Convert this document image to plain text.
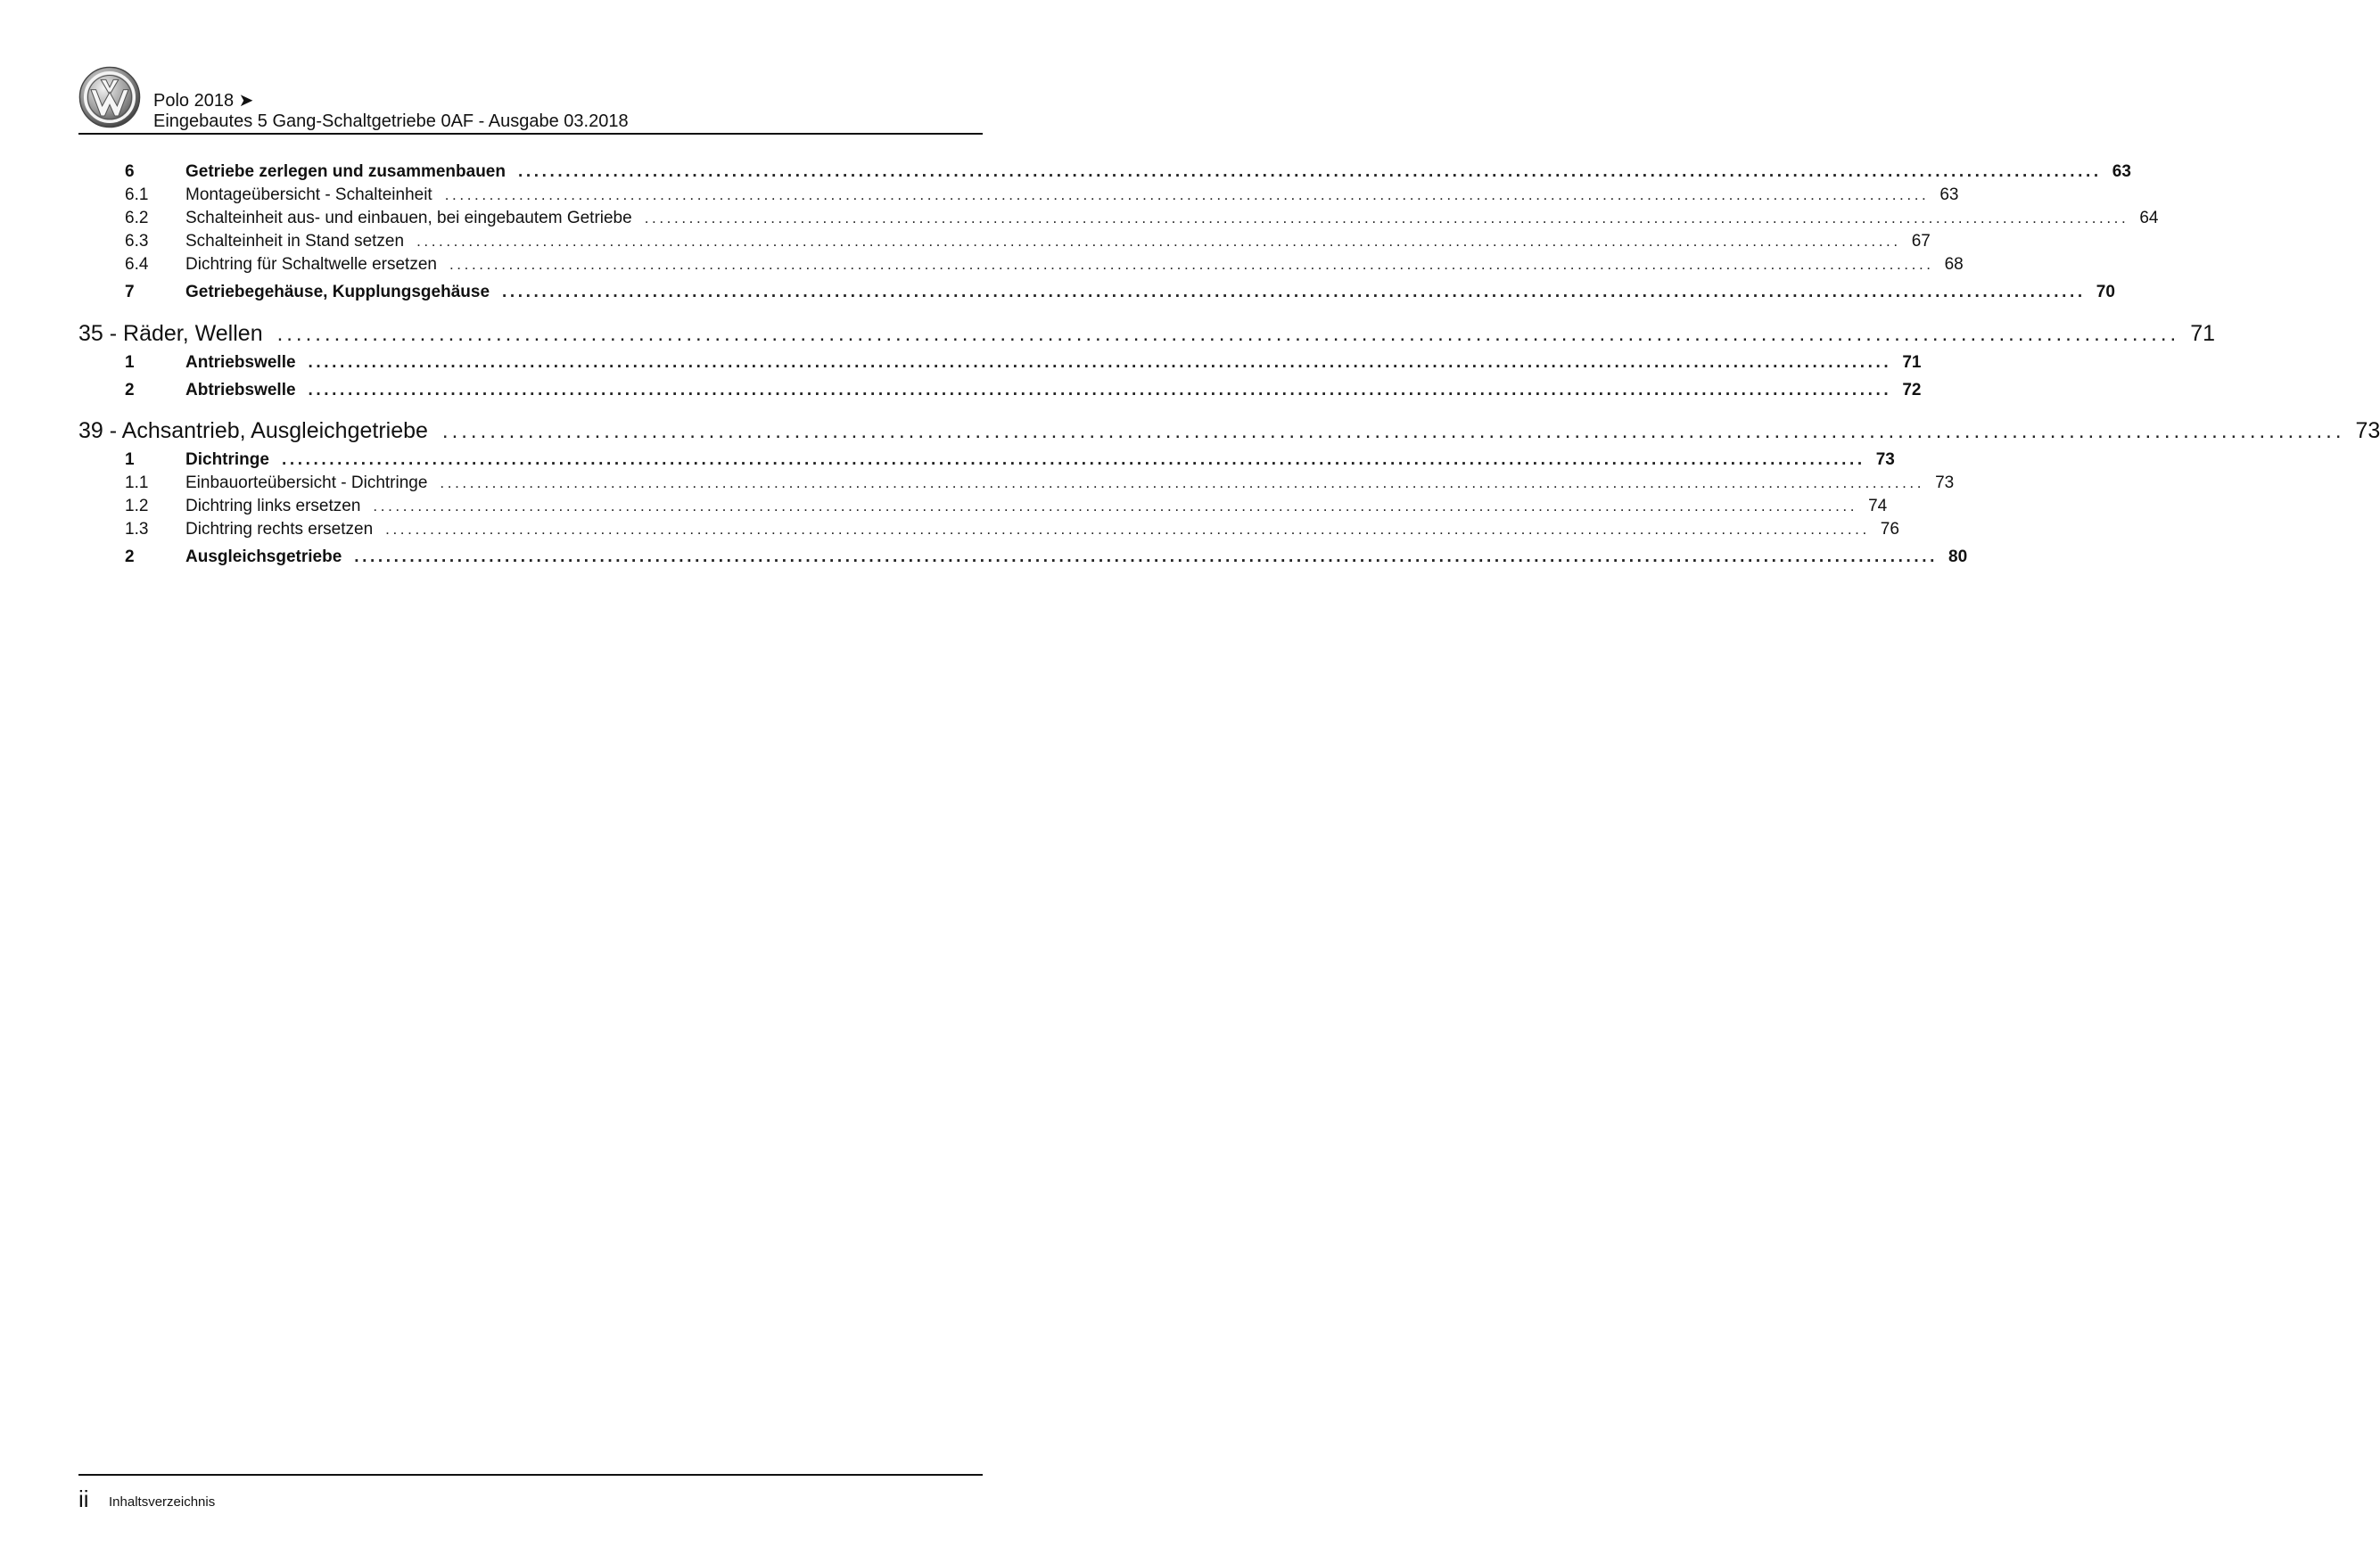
Polo 2018 ➤
Eingebautes 5 Gang-Schaltgetriebe 0AF - Ausgabe 03.2018
6	Getriebe zerlegen und zusammenbauen ........................................................................................................................................................................................................ 63
6.1 Montageübersicht - Schalteinheit ........................................................................................................................................................................................................ 63
6.2 Schalteinheit aus- und einbauen, bei eingebautem Getriebe ........................................................................................................................................................................................................ 64
6.3 Schalteinheit in Stand setzen ........................................................................................................................................................................................................ 67
6.4 Dichtring für Schaltwelle ersetzen ........................................................................................................................................................................................................ 68
7	Getriebegehäuse, Kupplungsgehäuse ........................................................................................................................................................................................................ 70
35 - Räder, Wellen ........................................................................................................................................................................................................ 71
1	Antriebswelle ........................................................................................................................................................................................................ 71
2	Abtriebswelle ........................................................................................................................................................................................................ 72
39 - Achsantrieb, Ausgleichgetriebe ........................................................................................................................................................................................................ 73
1	Dichtringe ........................................................................................................................................................................................................ 73
1.1 Einbauorteübersicht - Dichtringe ........................................................................................................................................................................................................ 73
1.2 Dichtring links ersetzen ........................................................................................................................................................................................................ 74
1.3 Dichtring rechts ersetzen ........................................................................................................................................................................................................ 76
2	Ausgleichsgetriebe ........................................................................................................................................................................................................ 80
ii Inhaltsverzeichnis
